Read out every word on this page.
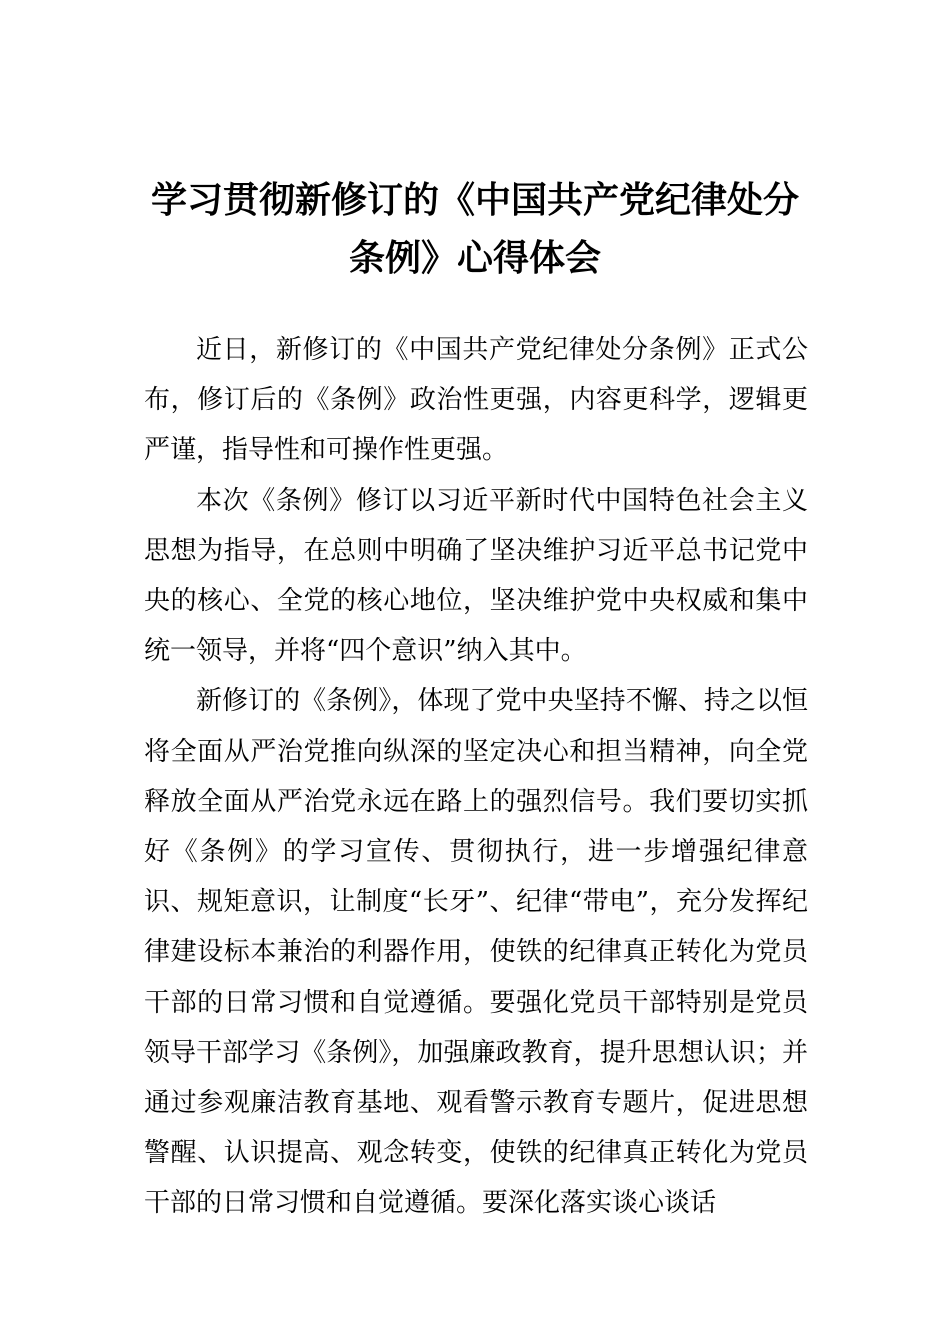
学习贯彻新修订的《中国共产党纪律处分
条例》心得体会

近日，新修订的《中国共产党纪律处分条例》正式公布，修订后的《条例》政治性更强，内容更科学，逻辑更严谨，指导性和可操作性更强。

本次《条例》修订以习近平新时代中国特色社会主义思想为指导，在总则中明确了坚决维护习近平总书记党中央的核心、全党的核心地位，坚决维护党中央权威和集中统一领导，并将“四个意识”纳入其中。

新修订的《条例》，体现了党中央坚持不懈、持之以恒将全面从严治党推向纵深的坚定决心和担当精神，向全党释放全面从严治党永远在路上的强烈信号。我们要切实抓好《条例》的学习宣传、贯彻执行，进一步增强纪律意识、规矩意识，让制度“长牙”、纪律“带电”，充分发挥纪律建设标本兼治的利器作用，使铁的纪律真正转化为党员干部的日常习惯和自觉遵循。要强化党员干部特别是党员领导干部学习《条例》，加强廉政教育，提升思想认识；并通过参观廉洁教育基地、观看警示教育专题片，促进思想警醒、认识提高、观念转变，使铁的纪律真正转化为党员干部的日常习惯和自觉遵循。要深化落实谈心谈话
